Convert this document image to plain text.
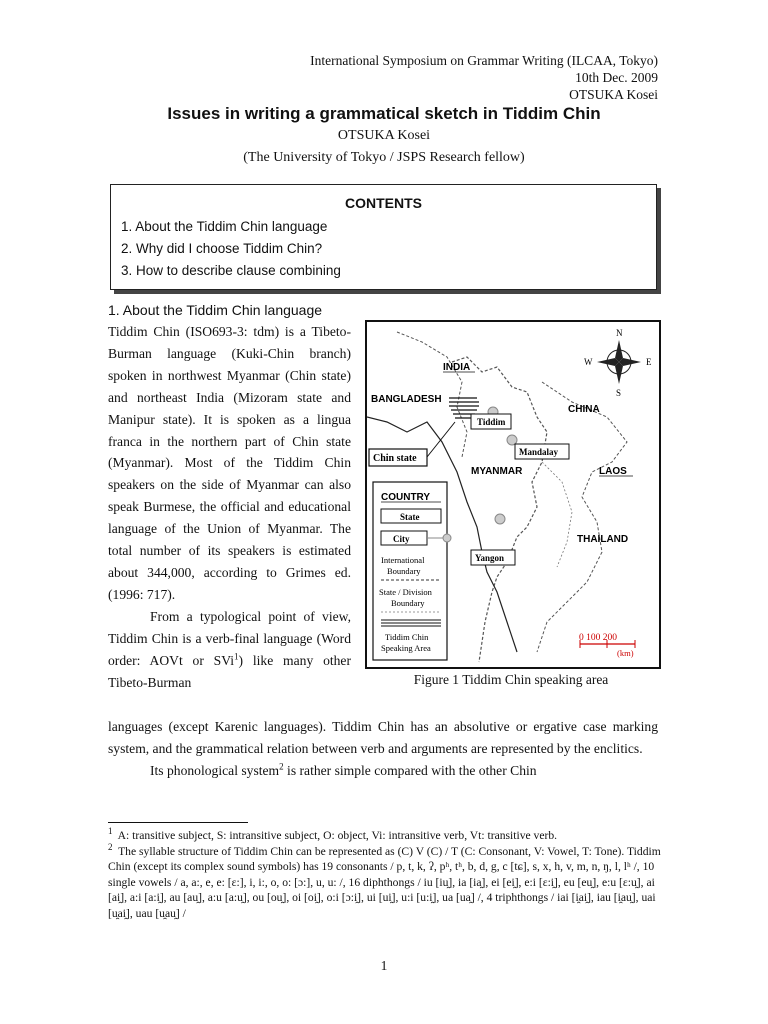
International Symposium on Grammar Writing (ILCAA, Tokyo)
10th Dec. 2009
OTSUKA Kosei
Issues in writing a grammatical sketch in Tiddim Chin
OTSUKA Kosei
(The University of Tokyo / JSPS Research fellow)
CONTENTS
1. About the Tiddim Chin language
2. Why did I choose Tiddim Chin?
3. How to describe clause combining
1. About the Tiddim Chin language

Tiddim Chin (ISO693-3: tdm) is a Tibeto-Burman language (Kuki-Chin branch) spoken in northwest Myanmar (Chin state) and northeast India (Mizoram state and Manipur state). It is spoken as a lingua franca in the northern part of Chin state (Myanmar). Most of the Tiddim Chin speakers on the side of Myanmar can also speak Burmese, the official and educational language of the Union of Myanmar. The total number of its speakers is estimated about 344,000, according to Grimes ed. (1996: 717).

From a typological point of view, Tiddim Chin is a verb-final language (Word order: AOVt or SVi$^1$) like many other Tibeto-Burman

INDIA
BANGLADESH
CHINA
Tiddim
Mandalay
Chin state
MYANMAR	LAOS
THAILAND
Yangon
N
S
E
W
COUNTRY
State
City
International
Boundary
State / Division
Boundary
Tiddim Chin
Speaking Area
0 100 200
(km)
Figure 1 Tiddim Chin speaking area

languages (except Karenic languages). Tiddim Chin has an absolutive or ergative case marking system, and the grammatical relation between verb and arguments are represented by the enclitics.

Its phonological system$^2$ is rather simple compared with the other Chin

$^1$ A: transitive subject, S: intransitive subject, O: object, Vi: intransitive verb, Vt: transitive verb.

$^2$ The syllable structure of Tiddim Chin can be represented as (C) V (C) / T (C: Consonant, V: Vowel, T: Tone). Tiddim Chin (except its complex sound symbols) has 19 consonants / p, t, k, ʔ, pʰ, tʰ, b, d, g, c [tɕ], s, x, h, v, m, n, ŋ, l, lʰ /, 10 single vowels / a, a:, e, e: [ɛ:], i, i:, o, o: [ɔ:], u, u: /, 16 diphthongs / iu [iu̯], ia [ia̯], ei [ei̯], e:i [ɛ:i̯], eu [eu̯], e:u [ɛ:u̯], ai [ai̯], a:i [a:i̯], au [au̯], a:u [a:u̯], ou [ou̯], oi [oi̯], o:i [ɔ:i̯], ui [ui̯], u:i [u:i̯], ua [ua̯] /, 4 triphthongs / iai [i̯ai̯], iau [i̯au̯], uai [u̯ai̯], uau [u̯au̯] /

1
